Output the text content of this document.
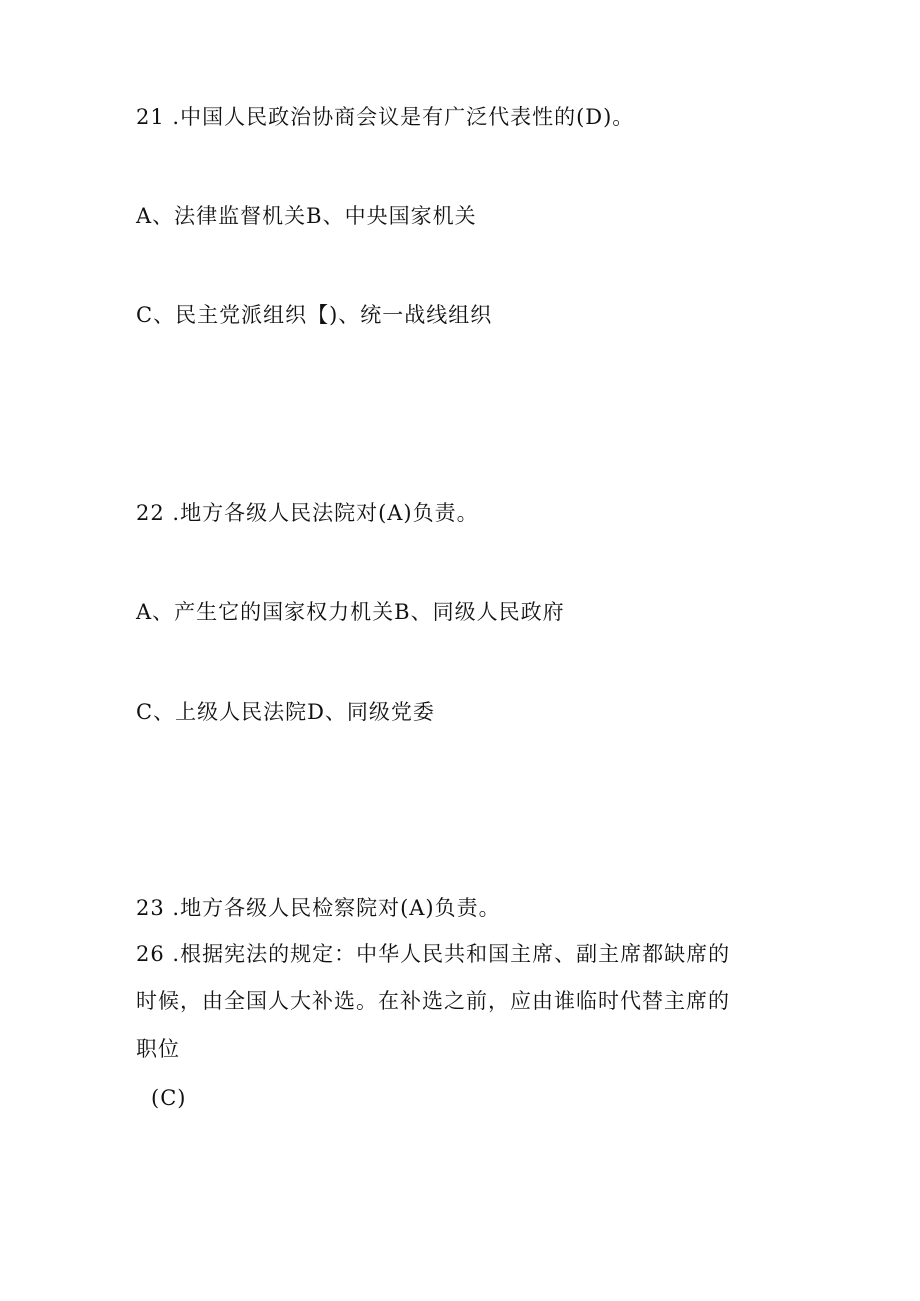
21 .中国人民政治协商会议是有广泛代表性的(D)。
A、法律监督机关B、中央国家机关
C、民主党派组织【)、统一战线组织
22 .地方各级人民法院对(A)负责。
A、产生它的国家权力机关B、同级人民政府
C、上级人民法院D、同级党委
23 .地方各级人民检察院对(A)负责。
26 .根据宪法的规定：中华人民共和国主席、副主席都缺席的
时候，由全国人大补选。在补选之前，应由谁临时代替主席的
职位
(C)
